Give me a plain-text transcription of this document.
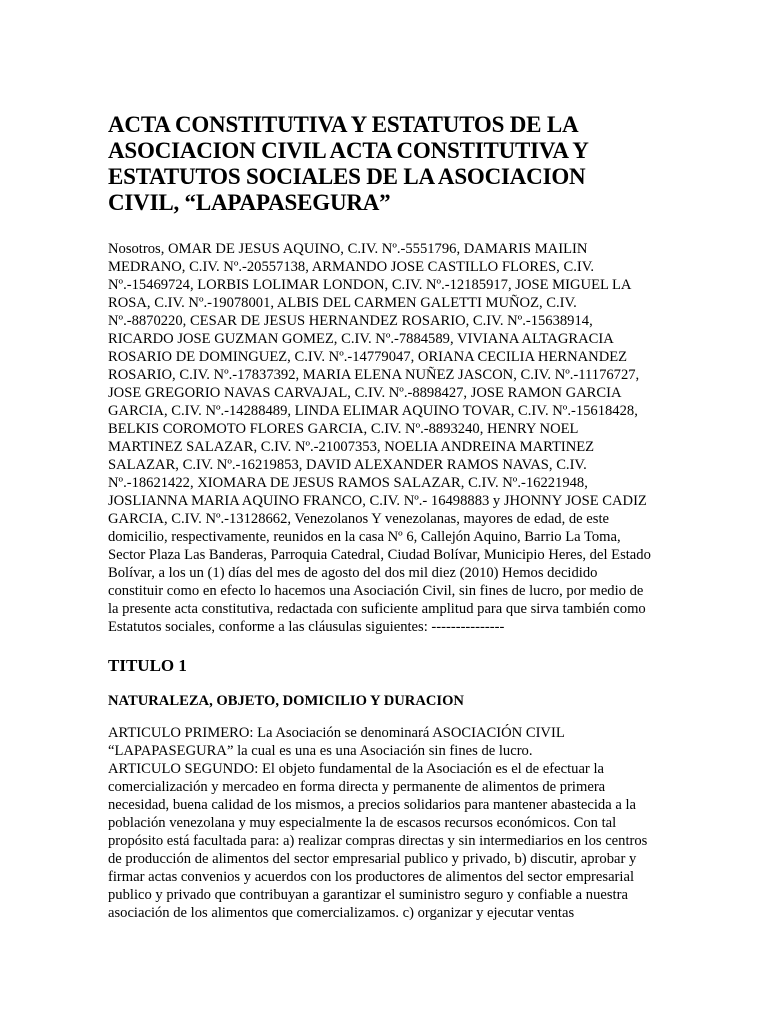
ACTA CONSTITUTIVA Y ESTATUTOS DE LA ASOCIACION CIVIL ACTA CONSTITUTIVA Y ESTATUTOS SOCIALES DE LA ASOCIACION CIVIL, “LAPAPASEGURA”

Nosotros, OMAR DE JESUS AQUINO, C.IV. Nº.-5551796, DAMARIS MAILIN MEDRANO, C.IV. Nº.-20557138, ARMANDO JOSE CASTILLO FLORES, C.IV. Nº.-15469724, LORBIS LOLIMAR LONDON, C.IV. Nº.-12185917, JOSE MIGUEL LA ROSA, C.IV. Nº.-19078001, ALBIS DEL CARMEN GALETTI MUÑOZ, C.IV. Nº.-8870220, CESAR DE JESUS HERNANDEZ ROSARIO, C.IV. Nº.-15638914, RICARDO JOSE GUZMAN GOMEZ, C.IV. Nº.-7884589, VIVIANA ALTAGRACIA ROSARIO DE DOMINGUEZ, C.IV. Nº.-14779047, ORIANA CECILIA HERNANDEZ ROSARIO, C.IV. Nº.-17837392, MARIA ELENA NUÑEZ JASCON, C.IV. Nº.-11176727, JOSE GREGORIO NAVAS CARVAJAL, C.IV. Nº.-8898427, JOSE RAMON GARCIA GARCIA, C.IV. Nº.-14288489, LINDA ELIMAR AQUINO TOVAR, C.IV. Nº.-15618428, BELKIS COROMOTO FLORES GARCIA, C.IV. Nº.-8893240, HENRY NOEL MARTINEZ SALAZAR, C.IV. Nº.-21007353, NOELIA ANDREINA MARTINEZ SALAZAR, C.IV. Nº.-16219853, DAVID ALEXANDER RAMOS NAVAS, C.IV. Nº.-18621422, XIOMARA DE JESUS RAMOS SALAZAR, C.IV. Nº.-16221948, JOSLIANNA MARIA AQUINO FRANCO, C.IV. Nº.- 16498883 y JHONNY JOSE CADIZ GARCIA, C.IV. Nº.-13128662, Venezolanos Y venezolanas, mayores de edad, de este domicilio, respectivamente, reunidos en la casa Nº 6, Callejón Aquino, Barrio La Toma, Sector Plaza Las Banderas, Parroquia Catedral, Ciudad Bolívar, Municipio Heres, del Estado Bolívar, a los un (1) días del mes de agosto del dos mil diez (2010) Hemos decidido constituir como en efecto lo hacemos una Asociación Civil, sin fines de lucro, por medio de la presente acta constitutiva, redactada con suficiente amplitud para que sirva también como Estatutos sociales, conforme a las cláusulas siguientes: ---------------

TITULO 1
NATURALEZA, OBJETO, DOMICILIO Y DURACION

ARTICULO PRIMERO: La Asociación se denominará ASOCIACIÓN CIVIL “LAPAPASEGURA” la cual es una es una Asociación sin fines de lucro.

ARTICULO SEGUNDO: El objeto fundamental de la Asociación es el de efectuar la comercialización y mercadeo en forma directa y permanente de alimentos de primera necesidad, buena calidad de los mismos, a precios solidarios para mantener abastecida a la población venezolana y muy especialmente la de escasos recursos económicos. Con tal propósito está facultada para: a) realizar compras directas y sin intermediarios en los centros de producción de alimentos del sector empresarial publico y privado, b) discutir, aprobar y firmar actas convenios y acuerdos con los productores de alimentos del sector empresarial publico y privado que contribuyan a garantizar el suministro seguro y confiable a nuestra asociación de los alimentos que comercializamos. c) organizar y ejecutar ventas
